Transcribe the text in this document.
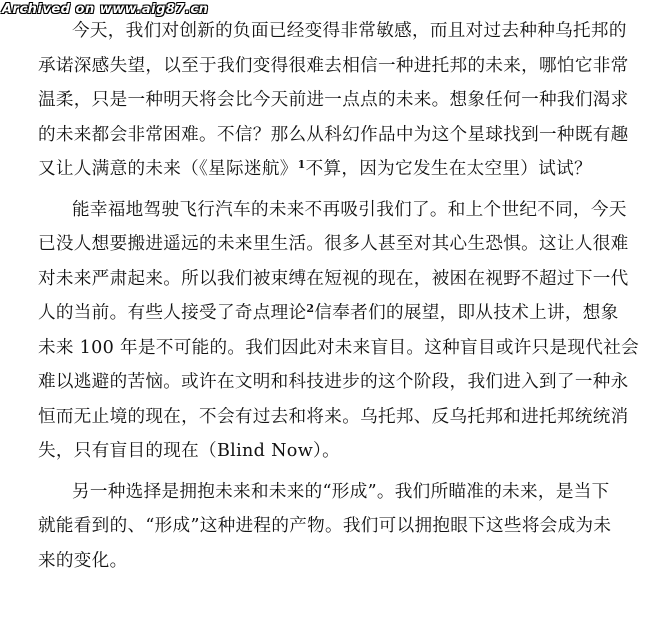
Archived on www.aig87.cn
今天，我们对创新的负面已经变得非常敏感，而且对过去种种乌托邦的
承诺深感失望，以至于我们变得很难去相信一种进托邦的未来，哪怕它非常
温柔，只是一种明天将会比今天前进一点点的未来。想象任何一种我们渴求
的未来都会非常困难。不信？那么从科幻作品中为这个星球找到一种既有趣
又让人满意的未来（《星际迷航》$^1$不算，因为它发生在太空里）试试？
能幸福地驾驶飞行汽车的未来不再吸引我们了。和上个世纪不同，今天
已没人想要搬进遥远的未来里生活。很多人甚至对其心生恐惧。这让人很难
对未来严肃起来。所以我们被束缚在短视的现在，被困在视野不超过下一代
人的当前。有些人接受了奇点理论$^2$信奉者们的展望，即从技术上讲，想象
未来 100 年是不可能的。我们因此对未来盲目。这种盲目或许只是现代社会
难以逃避的苦恼。或许在文明和科技进步的这个阶段，我们进入到了一种永
恒而无止境的现在，不会有过去和将来。乌托邦、反乌托邦和进托邦统统消
失，只有盲目的现在（Blind Now）。
另一种选择是拥抱未来和未来的“形成”。我们所瞄准的未来，是当下
就能看到的、“形成”这种进程的产物。我们可以拥抱眼下这些将会成为未
来的变化。
